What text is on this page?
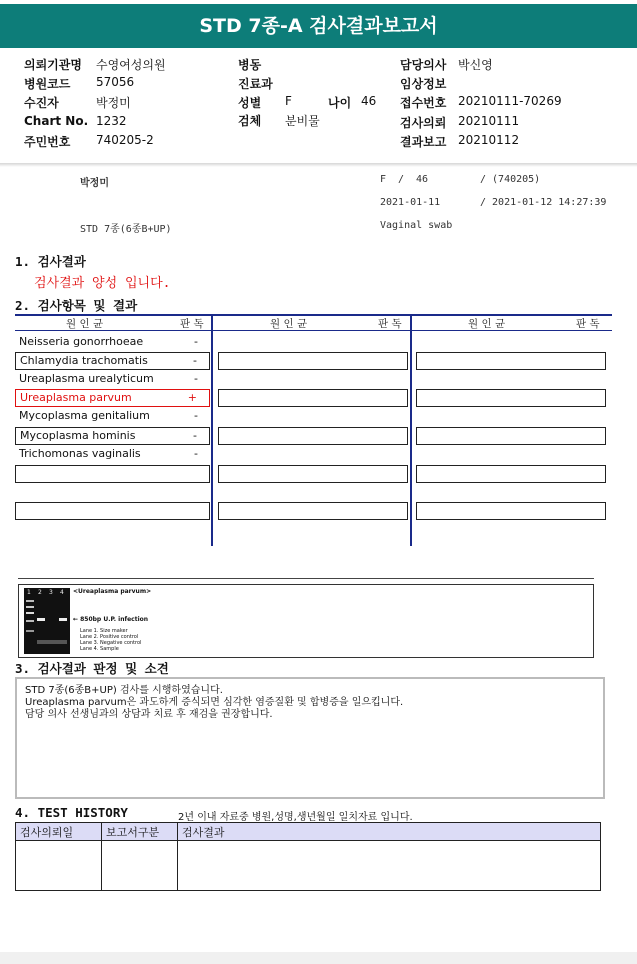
STD 7종-A 검사결과보고서
의뢰기관명 수영여성의원	병동	담당의사 박신영
병원코드 57056	진료과	임상정보
수진자	박정미	성별 F	나이 46 접수번호 20210111-70269
Chart No. 1232	검체 분비물	검사의뢰 20210111
주민번호 740205-2	결과보고 20210112
박정미	F / 46	/ (740205)
2021-01-11	/ 2021-01-12 14:27:39
STD 7종(6종B+UP)	Vaginal swab
1. 검사결과
검사결과 양성 입니다.
2. 검사항목 및 결과
원 인 균	판 독	원 인 균	판 독	원 인 균	판 독
Neisseria gonorrhoeae	-
Chlamydia trachomatis	-
Ureaplasma urealyticum	-
Ureaplasma parvum	+
Mycoplasma genitalium	-
Mycoplasma hominis	-
Trichomonas vaginalis	-
1 2 3 4 <Ureaplasma parvum>
← 850bp U.P. infection
Lane 1. Size maker
Lane 2. Positive control
Lane 3. Negative control
Lane 4. Sample
3. 검사결과 판정 및 소견
STD 7종(6종B+UP) 검사를 시행하였습니다.
Ureaplasma parvum은 과도하게 증식되면 심각한 염증질환 및 합병증을 일으킵니다.
담당 의사 선생님과의 상담과 치료 후 재검을 권장합니다.
4. TEST HISTORY	2년 이내 자료중 병원,성명,생년월일 일치자료 입니다.
검사의뢰일	보고서구분	검사결과
